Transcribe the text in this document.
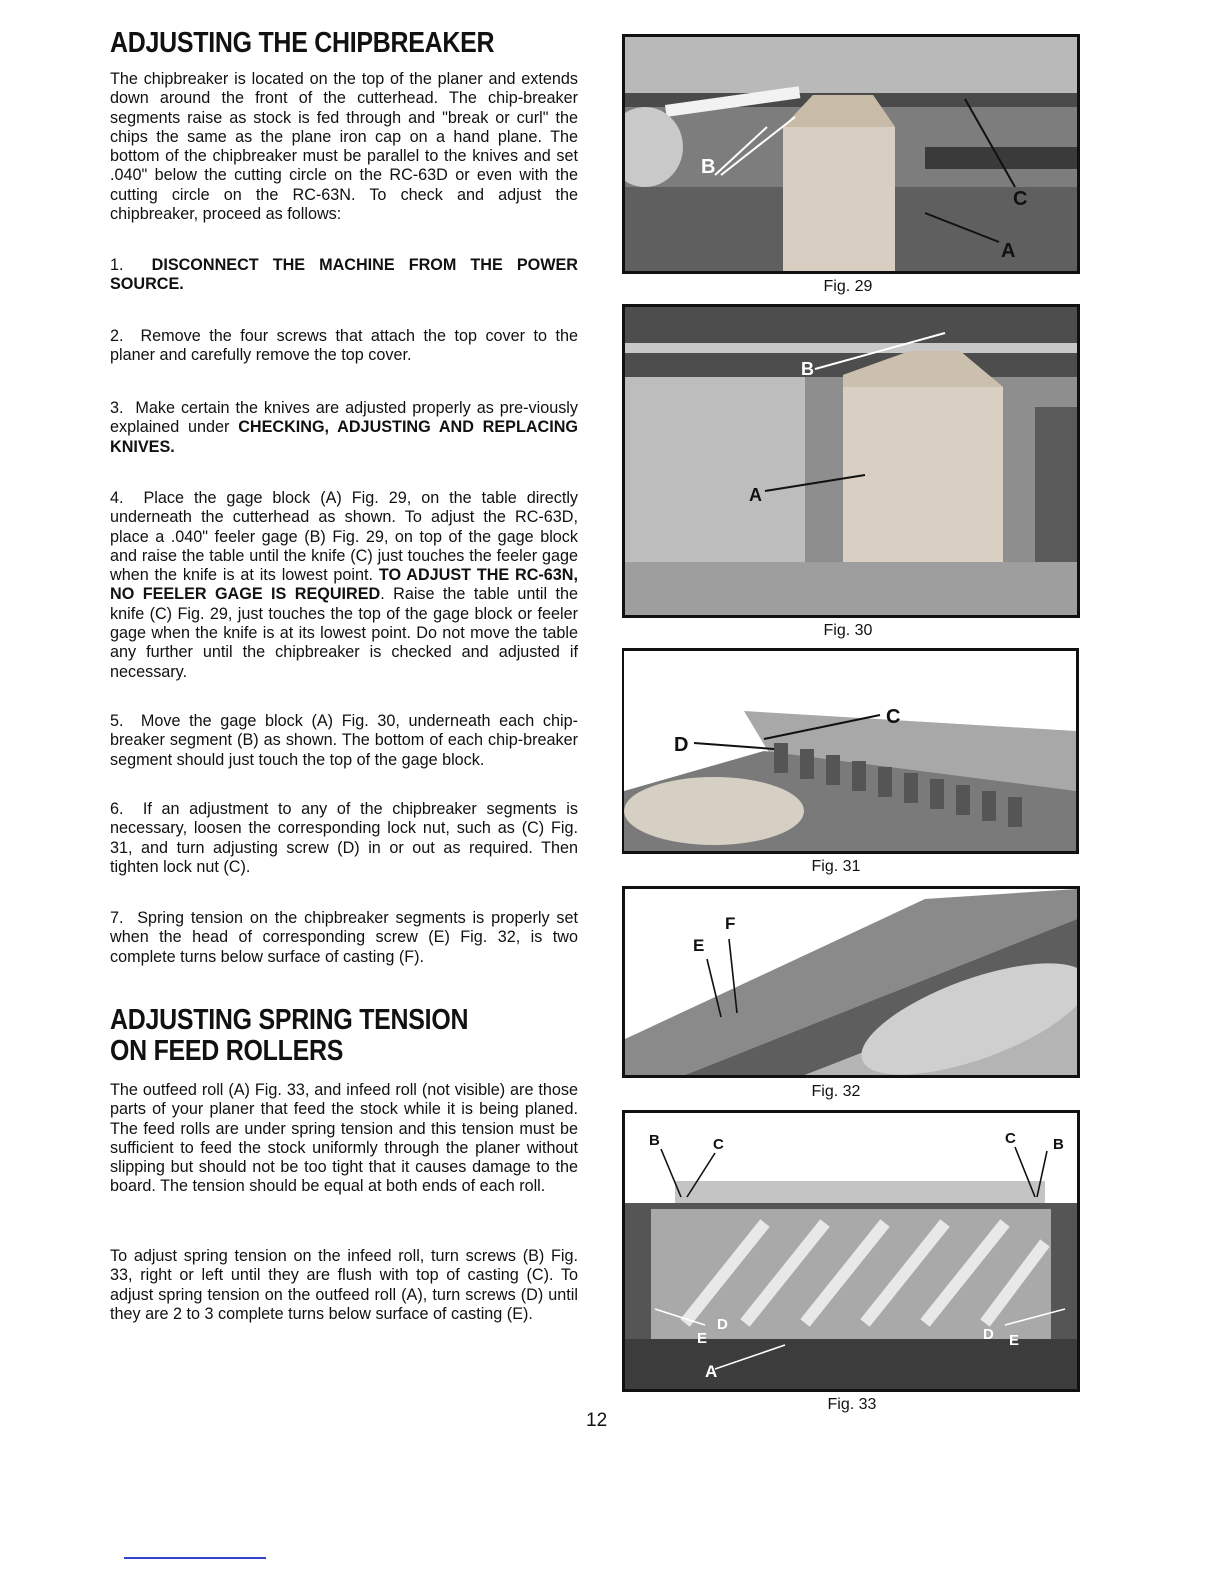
ADJUSTING THE CHIPBREAKER

The chipbreaker is located on the top of the planer and extends down around the front of the cutterhead. The chip-breaker segments raise as stock is fed through and "break or curl" the chips the same as the plane iron cap on a hand plane. The bottom of the chipbreaker must be parallel to the knives and set .040" below the cutting circle on the RC-63D or even with the cutting circle on the RC-63N. To check and adjust the chipbreaker, proceed as follows:

1. DISCONNECT THE MACHINE FROM THE POWER SOURCE.

2. Remove the four screws that attach the top cover to the planer and carefully remove the top cover.

3. Make certain the knives are adjusted properly as pre-viously explained under CHECKING, ADJUSTING AND REPLACING KNIVES.

4. Place the gage block (A) Fig. 29, on the table directly underneath the cutterhead as shown. To adjust the RC-63D, place a .040" feeler gage (B) Fig. 29, on top of the gage block and raise the table until the knife (C) just touches the feeler gage when the knife is at its lowest point. TO ADJUST THE RC-63N, NO FEELER GAGE IS REQUIRED. Raise the table until the knife (C) Fig. 29, just touches the top of the gage block or feeler gage when the knife is at its lowest point. Do not move the table any further until the chipbreaker is checked and adjusted if necessary.

5. Move the gage block (A) Fig. 30, underneath each chip-breaker segment (B) as shown. The bottom of each chip-breaker segment should just touch the top of the gage block.

6. If an adjustment to any of the chipbreaker segments is necessary, loosen the corresponding lock nut, such as (C) Fig. 31, and turn adjusting screw (D) in or out as required. Then tighten lock nut (C).

7. Spring tension on the chipbreaker segments is properly set when the head of corresponding screw (E) Fig. 32, is two complete turns below surface of casting (F).

ADJUSTING SPRING TENSION
ON FEED ROLLERS

The outfeed roll (A) Fig. 33, and infeed roll (not visible) are those parts of your planer that feed the stock while it is being planed. The feed rolls are under spring tension and this tension must be sufficient to feed the stock uniformly through the planer without slipping but should not be too tight that it causes damage to the board. The tension should be equal at both ends of each roll.

To adjust spring tension on the infeed roll, turn screws (B) Fig. 33, right or left until they are flush with top of casting (C). To adjust spring tension on the outfeed roll (A), turn screws (D) until they are 2 to 3 complete turns below surface of casting (E).

B
C
A
Fig. 29
B
A
Fig. 30
C
D
Fig. 31
E
F
Fig. 32
B	C	C B
D
E	D E
A
Fig. 33
12
